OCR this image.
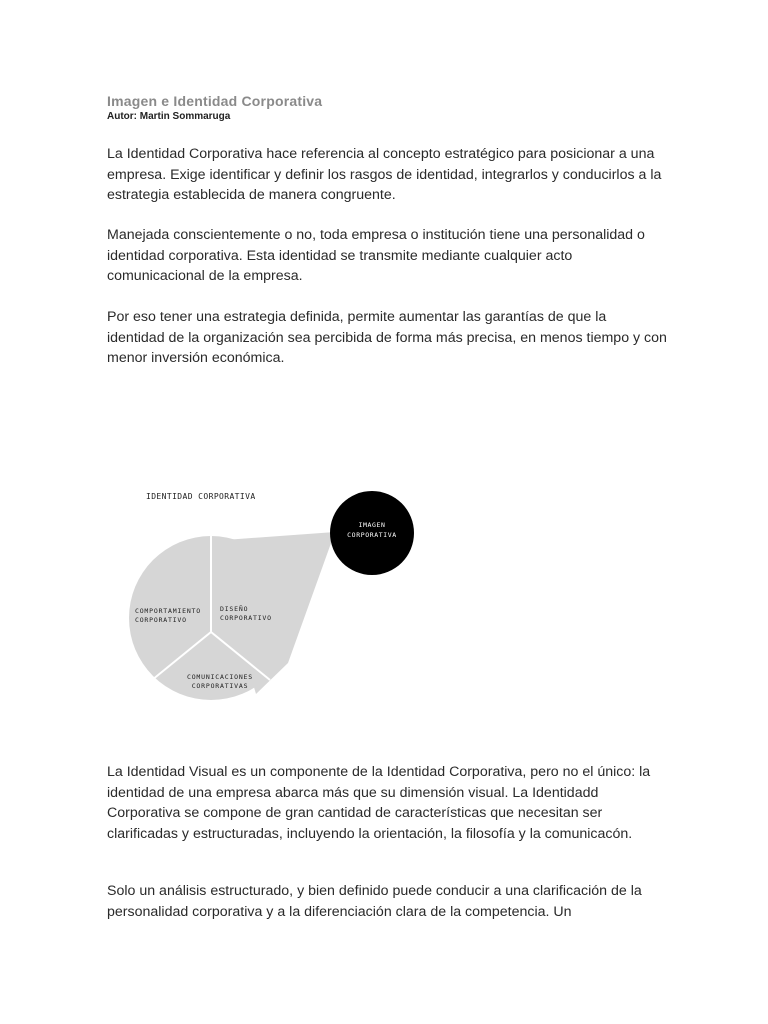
Imagen e Identidad Corporativa
Autor: Martin Sommaruga

La Identidad Corporativa hace referencia al concepto estratégico para posicionar a una empresa. Exige identificar y definir los rasgos de identidad, integrarlos y conducirlos a la estrategia establecida de manera congruente.

Manejada conscientemente o no, toda empresa o institución tiene una personalidad o identidad corporativa. Esta identidad se transmite mediante cualquier acto comunicacional de la empresa.

Por eso tener una estrategia definida, permite aumentar las garantías de que la identidad de la organización sea percibida de forma más precisa, en menos tiempo y con menor inversión económica.

IDENTIDAD CORPORATIVA
IMAGEN
CORPORATIVA
COMPORTAMIENTO
CORPORATIVO
DISEÑO
CORPORATIVO
COMUNICACIONES
CORPORATIVAS

La Identidad Visual es un componente de la Identidad Corporativa, pero no el único: la identidad de una empresa abarca más que su dimensión visual. La Identidadd Corporativa se compone de gran cantidad de características que necesitan ser clarificadas y estructuradas, incluyendo la orientación, la filosofía y la comunicacón.

Solo un análisis estructurado, y bien definido puede conducir a una clarificación de la personalidad corporativa y a la diferenciación clara de la competencia. Un
